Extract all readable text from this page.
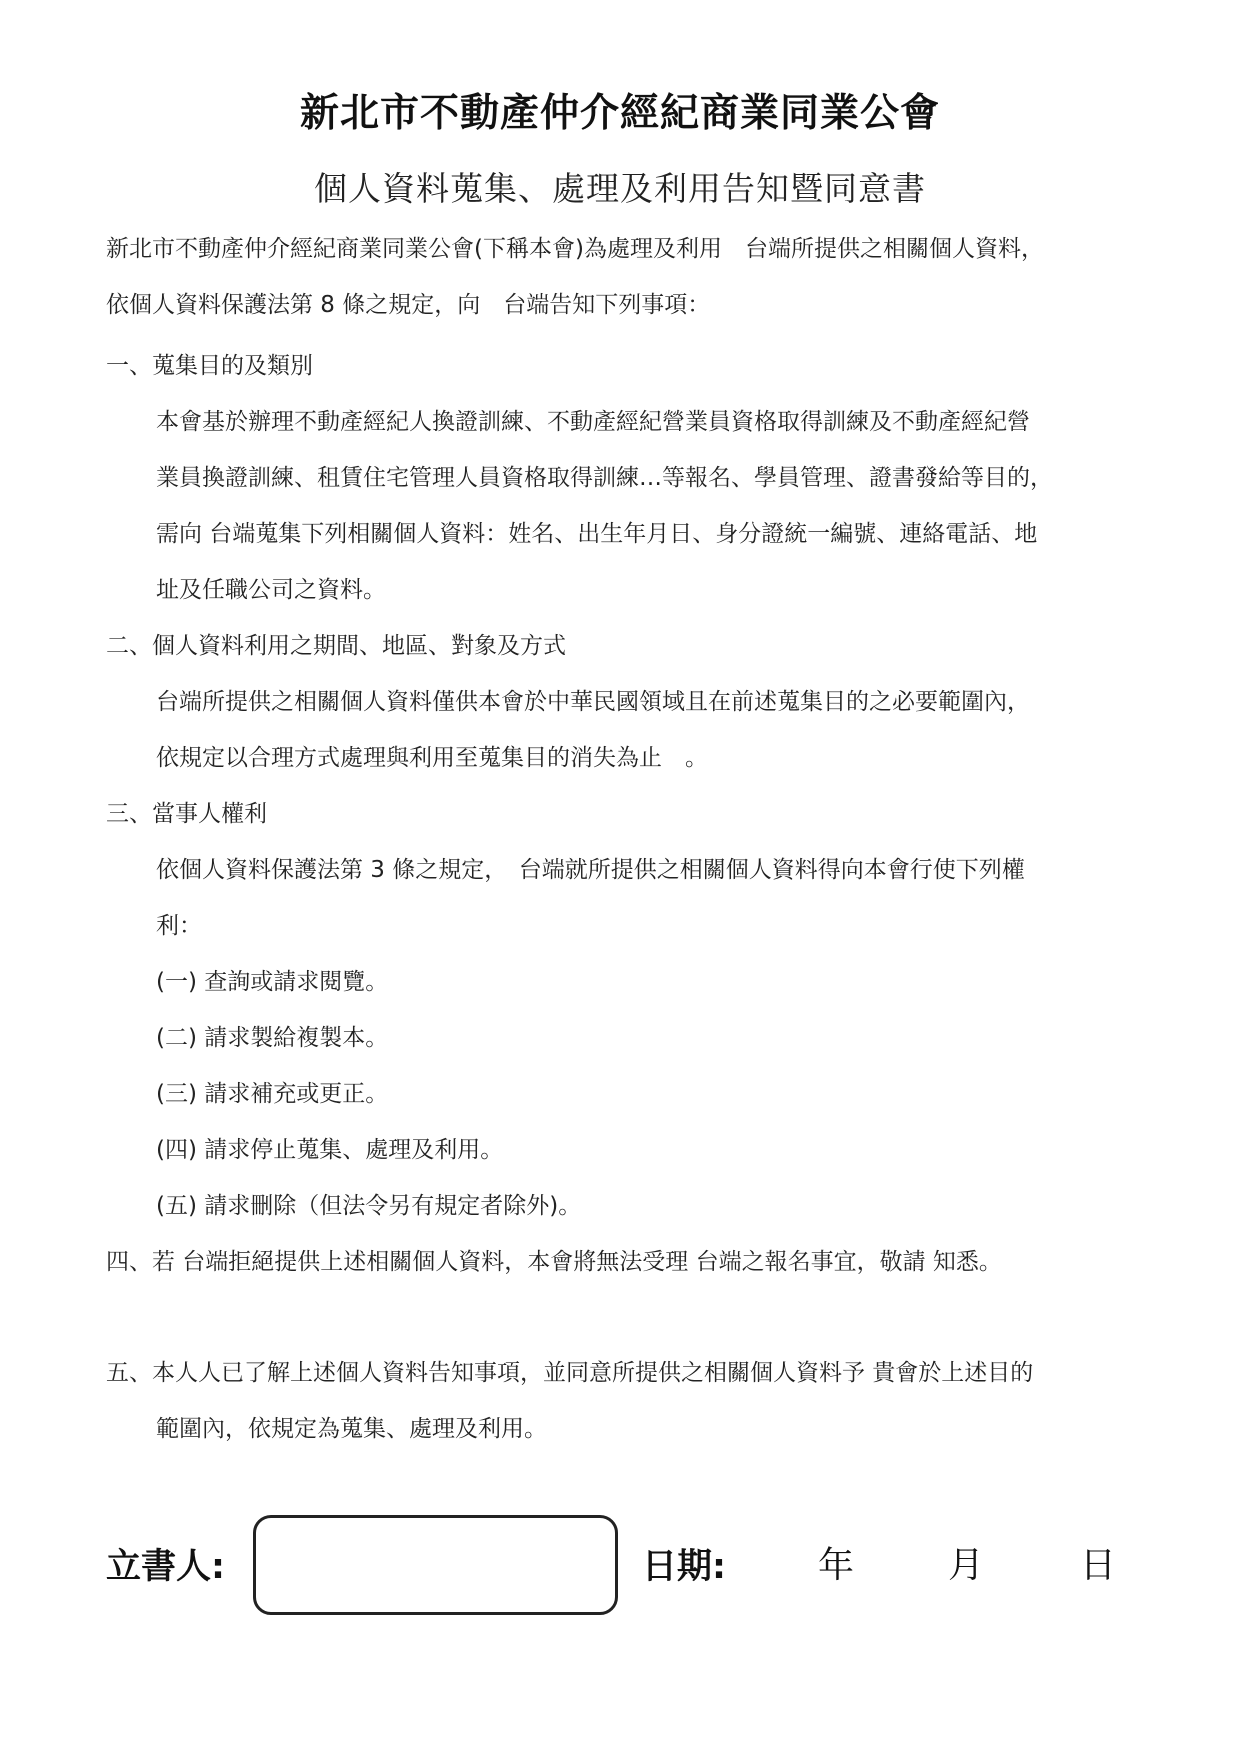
新北市不動產仲介經紀商業同業公會
個人資料蒐集、處理及利用告知暨同意書
新北市不動產仲介經紀商業同業公會(下稱本會)為處理及利用　台端所提供之相關個人資料，
依個人資料保護法第 8 條之規定，向　台端告知下列事項：
一、蒐集目的及類別
本會基於辦理不動產經紀人換證訓練、不動產經紀營業員資格取得訓練及不動產經紀營
業員換證訓練、租賃住宅管理人員資格取得訓練…等報名、學員管理、證書發給等目的，
需向 台端蒐集下列相關個人資料：姓名、出生年月日、身分證統一編號、連絡電話、地
址及任職公司之資料。
二、個人資料利用之期間、地區、對象及方式
台端所提供之相關個人資料僅供本會於中華民國領域且在前述蒐集目的之必要範圍內，
依規定以合理方式處理與利用至蒐集目的消失為止　。
三、當事人權利
依個人資料保護法第 3 條之規定，　台端就所提供之相關個人資料得向本會行使下列權
利：
(一) 查詢或請求閱覽。
(二) 請求製給複製本。
(三) 請求補充或更正。
(四) 請求停止蒐集、處理及利用。
(五) 請求刪除（但法令另有規定者除外)。
四、若 台端拒絕提供上述相關個人資料，本會將無法受理 台端之報名事宜，敬請 知悉。
五、本人人已了解上述個人資料告知事項，並同意所提供之相關個人資料予 貴會於上述目的
範圍內，依規定為蒐集、處理及利用。
立書人:	日期:	年	月	日
